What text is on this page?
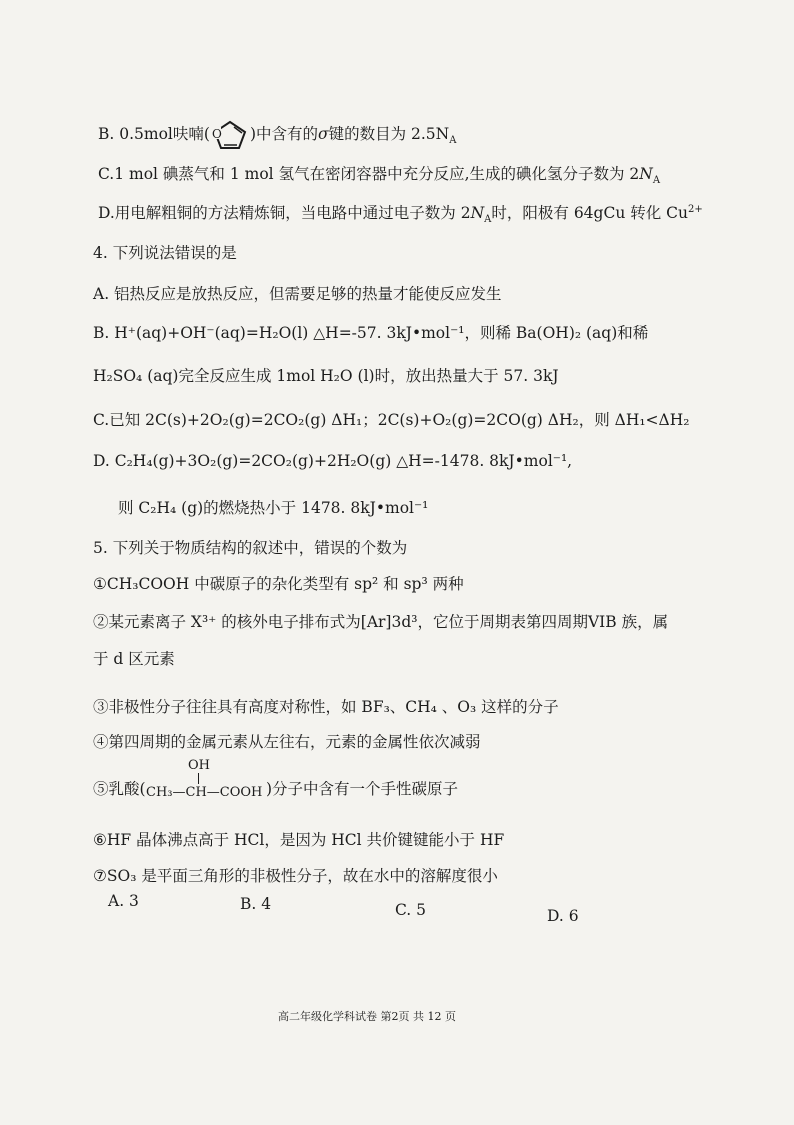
B. 0.5mol呋喃( O )中含有的σ键的数目为 $2.5N_A$
C.1 mol 碘蒸气和 1 mol 氢气在密闭容器中充分反应,生成的碘化氢分子数为 $2N_A$
D.用电解粗铜的方法精炼铜，当电路中通过电子数为 $2N_A$时，阳极有 64gCu 转化 $Cu^{2+}$
4. 下列说法错误的是
A. 铝热反应是放热反应，但需要足够的热量才能使反应发生
B. H⁺(aq)+OH⁻(aq)=H₂O(l) △H=-57. 3kJ•mol⁻¹，则稀 Ba(OH)₂ (aq)和稀
H₂SO₄ (aq)完全反应生成 1mol H₂O (l)时，放出热量大于 57. 3kJ
C.已知 2C(s)+2O₂(g)=2CO₂(g) ΔH₁；2C(s)+O₂(g)=2CO(g) ΔH₂，则 ΔH₁<ΔH₂
D. C₂H₄(g)+3O₂(g)=2CO₂(g)+2H₂O(g) △H=-1478. 8kJ•mol⁻¹,
则 C₂H₄ (g)的燃烧热小于 1478. 8kJ•mol⁻¹
5. 下列关于物质结构的叙述中，错误的个数为
①CH₃COOH 中碳原子的杂化类型有 sp² 和 sp³ 两种
②某元素离子 X³⁺ 的核外电子排布式为[Ar]3d³，它位于周期表第四周期VIB 族，属
于 d 区元素
③非极性分子往往具有高度对称性，如 BF₃、CH₄ 、O₃ 这样的分子
④第四周期的金属元素从左往右，元素的金属性依次减弱
⑤乳酸(
OH
CH₃—CH—COOH )分子中含有一个手性碳原子
⑥HF 晶体沸点高于 HCl，是因为 HCl 共价键键能小于 HF
⑦SO₃ 是平面三角形的非极性分子，故在水中的溶解度很小
A. 3	B. 4	C. 5	D. 6
高二年级化学科试卷 第2页 共 12 页
